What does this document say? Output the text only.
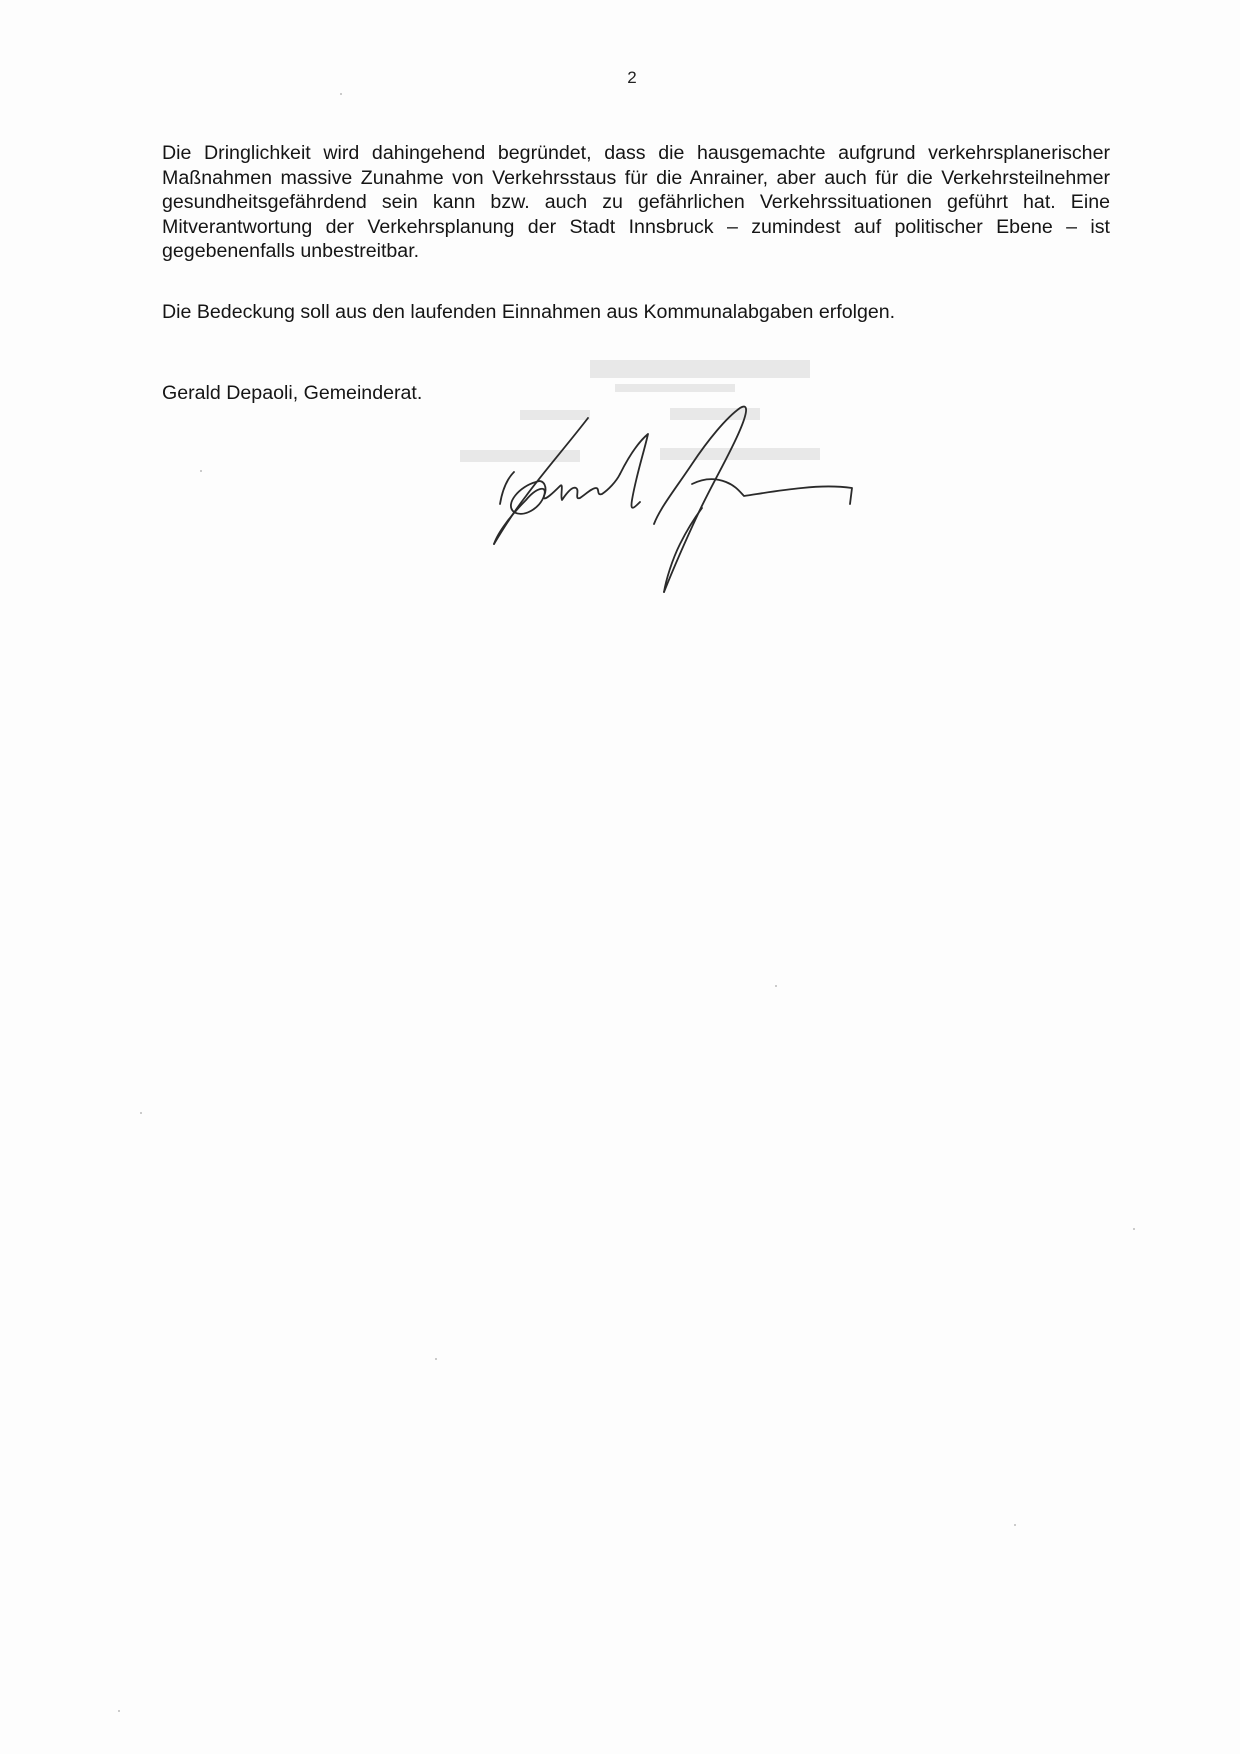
2

Die Dringlichkeit wird dahingehend begründet, dass die hausgemachte aufgrund verkehrsplanerischer Maßnahmen massive Zunahme von Verkehrsstaus für die Anrainer, aber auch für die Verkehrsteilnehmer gesundheitsgefährdend sein kann bzw. auch zu gefährlichen Verkehrssituationen geführt hat. Eine Mitverantwortung der Verkehrsplanung der Stadt Innsbruck – zumindest auf politischer Ebene – ist gegebenenfalls unbestreitbar.

Die Bedeckung soll aus den laufenden Einnahmen aus Kommunalabgaben erfolgen.

Gerald Depaoli, Gemeinderat.
